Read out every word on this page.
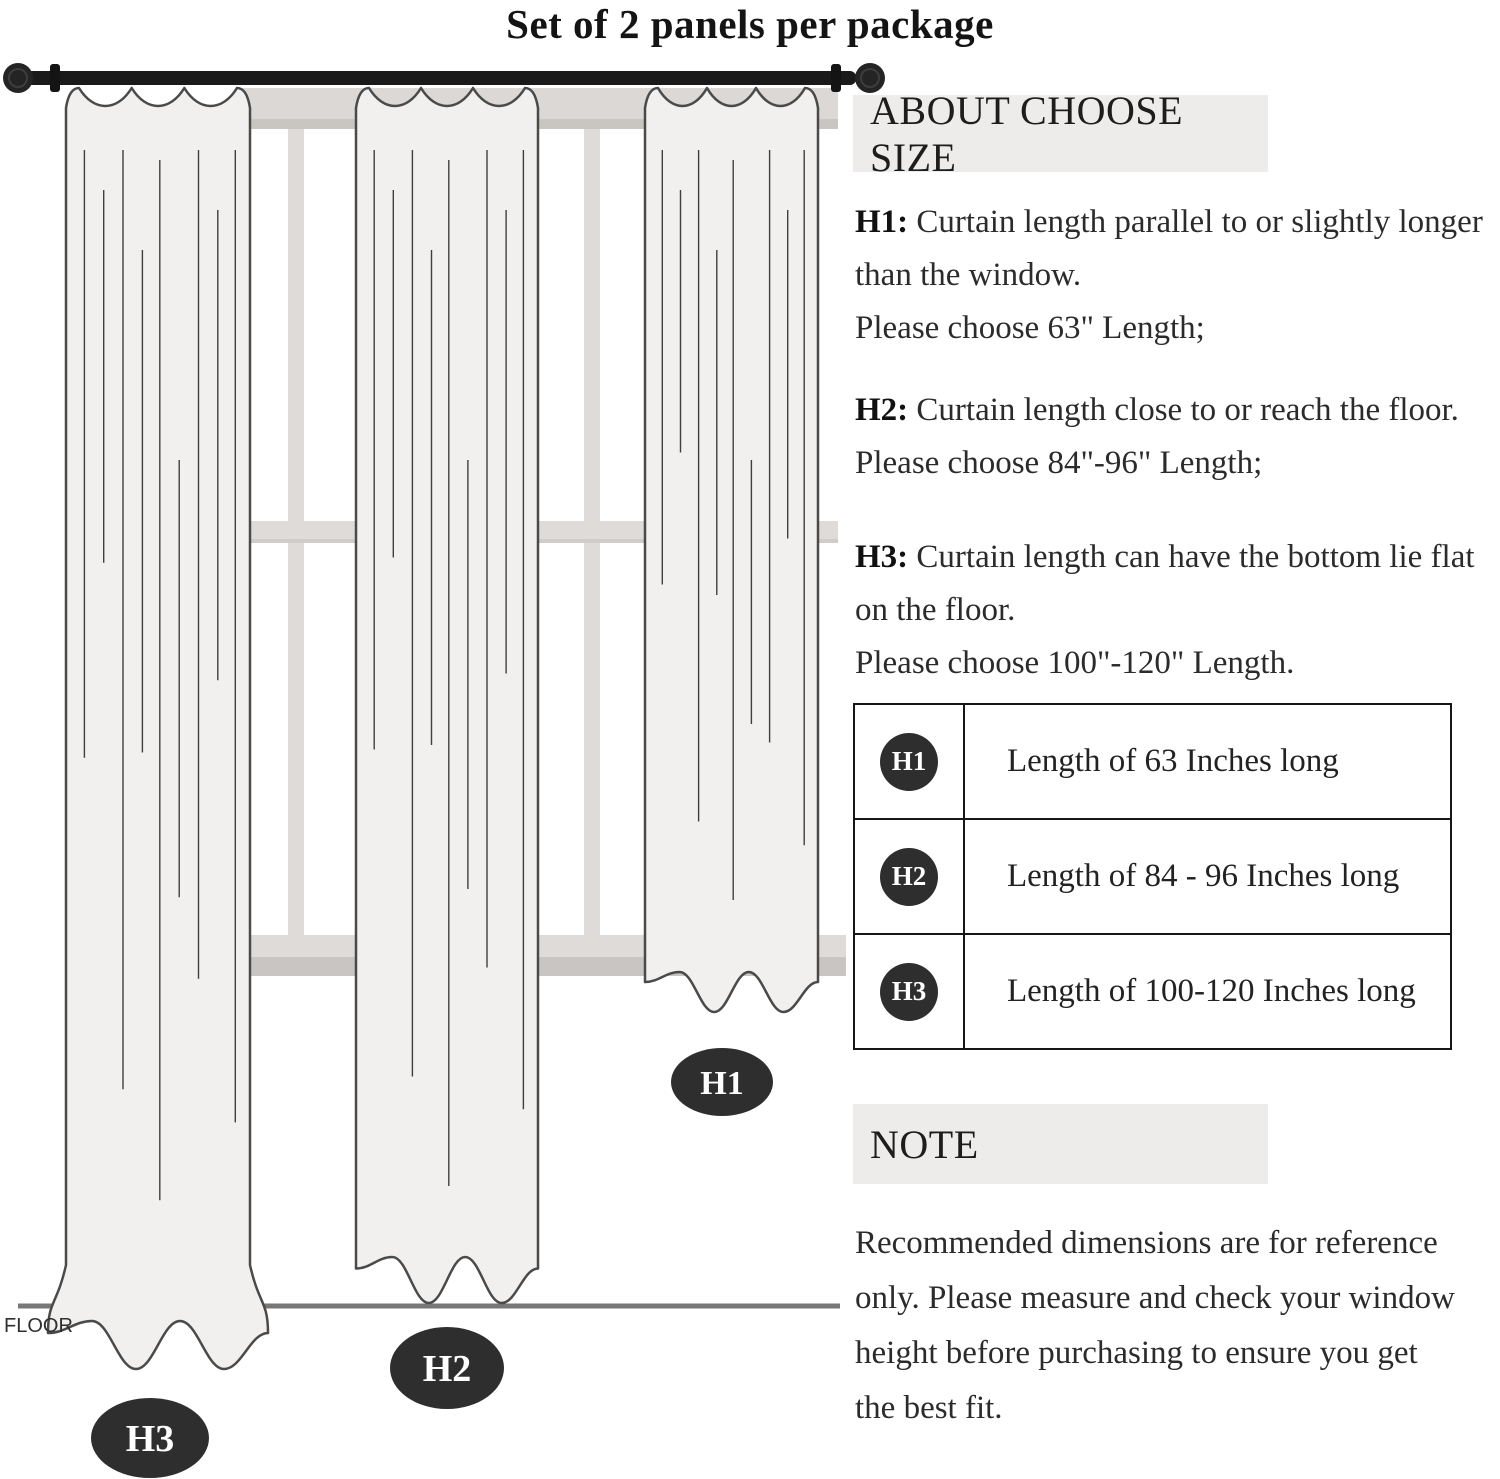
Set of 2 panels per package
H1
H2
H3
FLOOR
ABOUT CHOOSE SIZE
H1: Curtain length parallel to or slightly longer
than the window.
Please choose 63" Length;
H2: Curtain length close to or reach the floor.
Please choose 84"-96" Length;
H3: Curtain length can have the bottom lie flat
on the floor.
Please choose 100"-120" Length.
H1	Length of 63 Inches long
H2	Length of 84 - 96 Inches long
H3	Length of 100-120 Inches long
NOTE
Recommended dimensions are for reference
only. Please measure and check your window
height before purchasing to ensure you get
the best fit.
